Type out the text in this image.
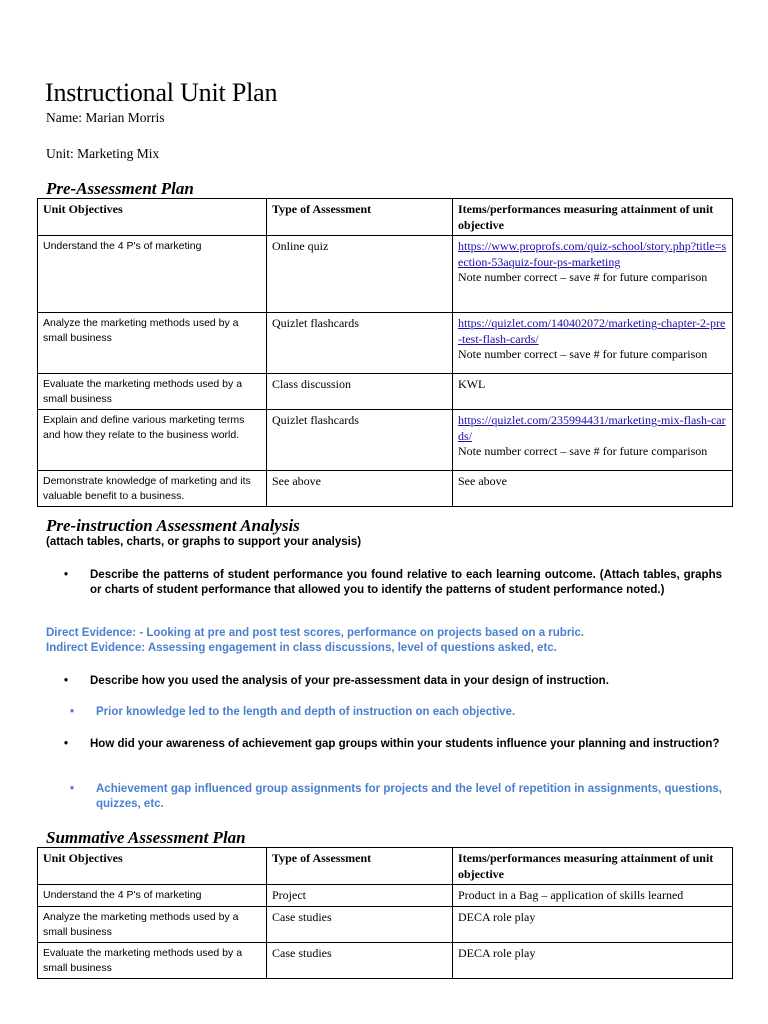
Instructional Unit Plan
Name: Marian Morris
Unit: Marketing Mix
Pre-Assessment Plan
Unit Objectives	Type of Assessment	Items/performances measuring attainment of unit objective
Understand the 4 P's of marketing	Online quiz	https://www.proprofs.com/quiz-school/story.php?title=section-53aquiz-four-ps-marketing
Note number correct – save # for future comparison

Analyze the marketing methods used by a small business	Quizlet flashcards	https://quizlet.com/140402072/marketing-chapter-2-pre-test-flash-cards/
Note number correct – save # for future comparison

Evaluate the marketing methods used by a small business	Class discussion	KWL
Explain and define various marketing terms and how they relate to the business world.	Quizlet flashcards	https://quizlet.com/235994431/marketing-mix-flash-cards/
Note number correct – save # for future comparison

Demonstrate knowledge of marketing and its valuable benefit to a business.	See above	See above
Pre-instruction Assessment Analysis
(attach tables, charts, or graphs to support your analysis)
• Describe the patterns of student performance you found relative to each learning outcome. (Attach tables, graphs or charts of student performance that allowed you to identify the patterns of student performance noted.)
Direct Evidence: - Looking at pre and post test scores, performance on projects based on a rubric.
Indirect Evidence: Assessing engagement in class discussions, level of questions asked, etc.
• Describe how you used the analysis of your pre-assessment data in your design of instruction.
• Prior knowledge led to the length and depth of instruction on each objective.
• How did your awareness of achievement gap groups within your students influence your planning and instruction?
• Achievement gap influenced group assignments for projects and the level of repetition in assignments, questions, quizzes, etc.
Summative Assessment Plan
Unit Objectives	Type of Assessment	Items/performances measuring attainment of unit objective
Understand the 4 P's of marketing	Project	Product in a Bag – application of skills learned
Analyze the marketing methods used by a small business	Case studies	DECA role play
Evaluate the marketing methods used by a small business	Case studies	DECA role play
